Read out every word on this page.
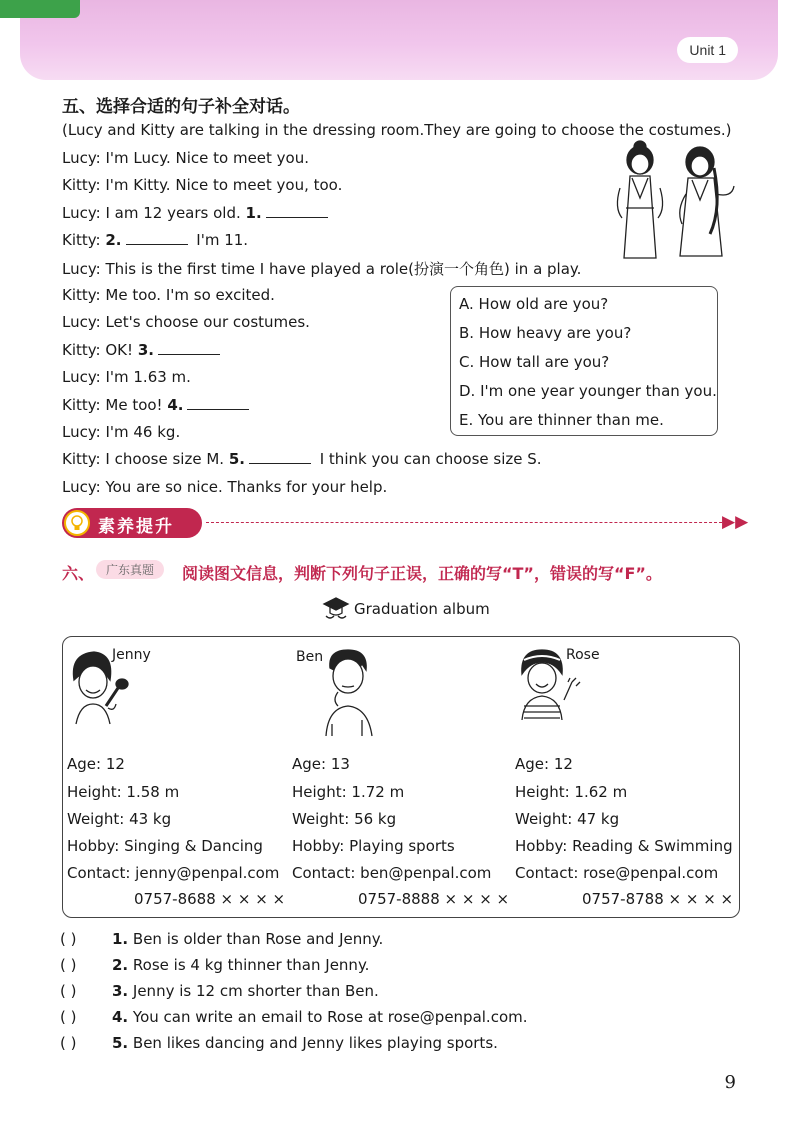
Unit 1
五、选择合适的句子补全对话。
(Lucy and Kitty are talking in the dressing room.They are going to choose the costumes.)
Lucy: I'm Lucy. Nice to meet you.
Kitty: I'm Kitty. Nice to meet you, too.
Lucy: I am 12 years old. 1.
Kitty: 2.	I'm 11.
Lucy: This is the first time I have played a role(扮演一个角色) in a play.
Kitty: Me too. I'm so excited.
Lucy: Let's choose our costumes.
Kitty: OK! 3.
Lucy: I'm 1.63 m.
Kitty: Me too! 4.
Lucy: I'm 46 kg.
Kitty: I choose size M. 5.	I think you can choose size S.
Lucy: You are so nice. Thanks for your help.
A. How old are you?
B. How heavy are you?
C. How tall are you?
D. I'm one year younger than you.
E. You are thinner than me.
素养提升	▶▶
六、 广东真题	阅读图文信息，判断下列句子正误，正确的写“T”，错误的写“F”。
Graduation album
Jenny	Ben	Rose
Age: 12
Height: 1.58 m
Weight: 43 kg
Hobby: Singing & Dancing
Contact: jenny@penpal.com
0757-8688 × × × ×
Age: 13
Height: 1.72 m
Weight: 56 kg
Hobby: Playing sports
Contact: ben@penpal.com
0757-8888 × × × ×
Age: 12
Height: 1.62 m
Weight: 47 kg
Hobby: Reading & Swimming
Contact: rose@penpal.com
0757-8788 × × × ×
( ) 1. Ben is older than Rose and Jenny.
( ) 2. Rose is 4 kg thinner than Jenny.
( ) 3. Jenny is 12 cm shorter than Ben.
( ) 4. You can write an email to Rose at rose@penpal.com.
( ) 5. Ben likes dancing and Jenny likes playing sports.
9
